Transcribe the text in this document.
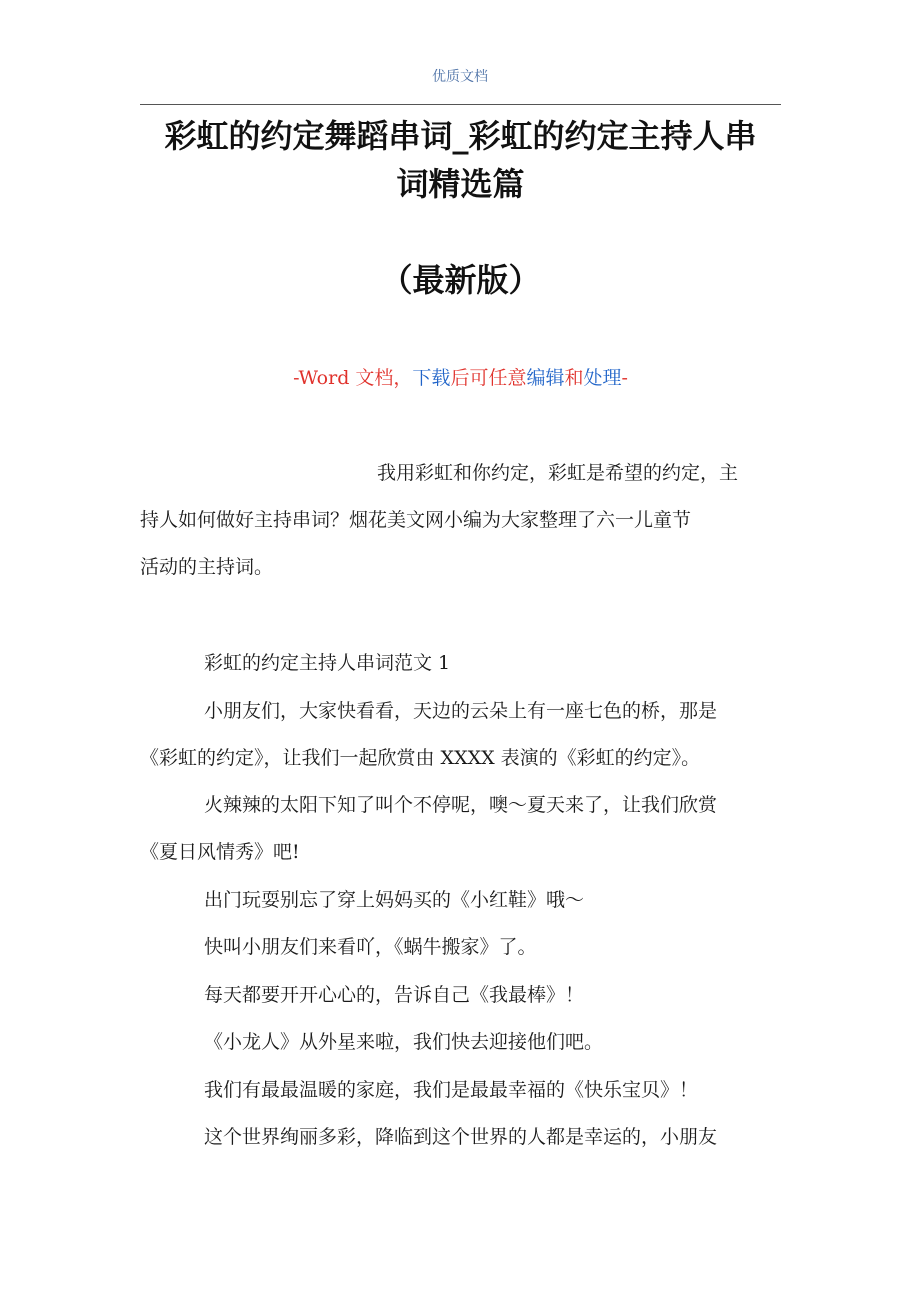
优质文档
彩虹的约定舞蹈串词_彩虹的约定主持人串
词精选篇
（最新版）
-Word 文档，下载后可任意编辑和处理-

我用彩虹和你约定，彩虹是希望的约定，主

持人如何做好主持串词？烟花美文网小编为大家整理了六一儿童节

活动的主持词。

彩虹的约定主持人串词范文 1

小朋友们，大家快看看，天边的云朵上有一座七色的桥，那是

《彩虹的约定》，让我们一起欣赏由 XXXX 表演的《彩虹的约定》。

火辣辣的太阳下知了叫个不停呢，噢～夏天来了，让我们欣赏

《夏日风情秀》吧!

出门玩耍别忘了穿上妈妈买的《小红鞋》哦～

快叫小朋友们来看吖，《蜗牛搬家》了。

每天都要开开心心的，告诉自己《我最棒》！

《小龙人》从外星来啦，我们快去迎接他们吧。

我们有最最温暖的家庭，我们是最最幸福的《快乐宝贝》！

这个世界绚丽多彩，降临到这个世界的人都是幸运的，小朋友
